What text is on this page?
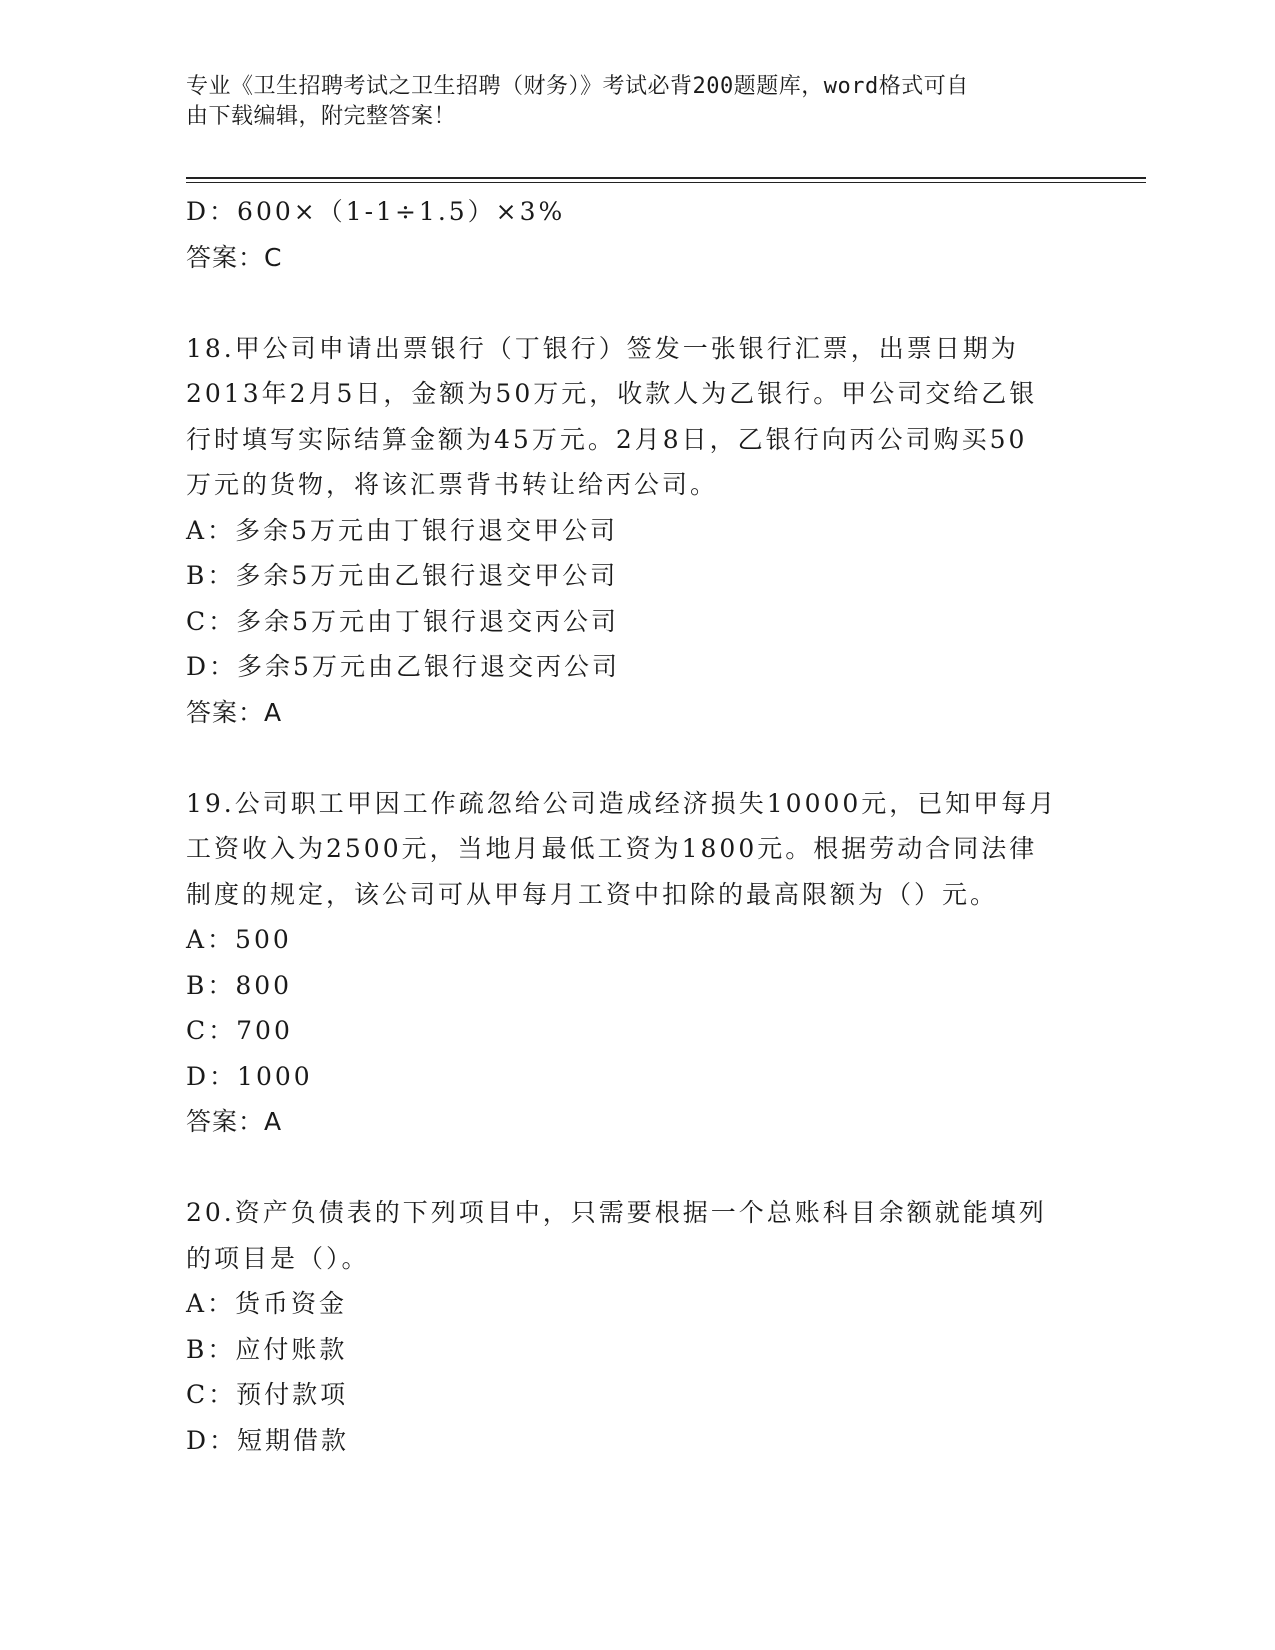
专业《卫生招聘考试之卫生招聘（财务）》考试必背200题题库，word格式可自
由下载编辑，附完整答案！
D：600×（1-1÷1.5）×3%
答案：C
18.甲公司申请出票银行（丁银行）签发一张银行汇票，出票日期为
2013年2月5日，金额为50万元，收款人为乙银行。甲公司交给乙银
行时填写实际结算金额为45万元。2月8日，乙银行向丙公司购买50
万元的货物，将该汇票背书转让给丙公司。
A：多余5万元由丁银行退交甲公司
B：多余5万元由乙银行退交甲公司
C：多余5万元由丁银行退交丙公司
D：多余5万元由乙银行退交丙公司
答案：A
19.公司职工甲因工作疏忽给公司造成经济损失10000元，已知甲每月
工资收入为2500元，当地月最低工资为1800元。根据劳动合同法律
制度的规定，该公司可从甲每月工资中扣除的最高限额为（）元。
A：500
B：800
C：700
D：1000
答案：A
20.资产负债表的下列项目中，只需要根据一个总账科目余额就能填列
的项目是（）。
A：货币资金
B：应付账款
C：预付款项
D：短期借款
